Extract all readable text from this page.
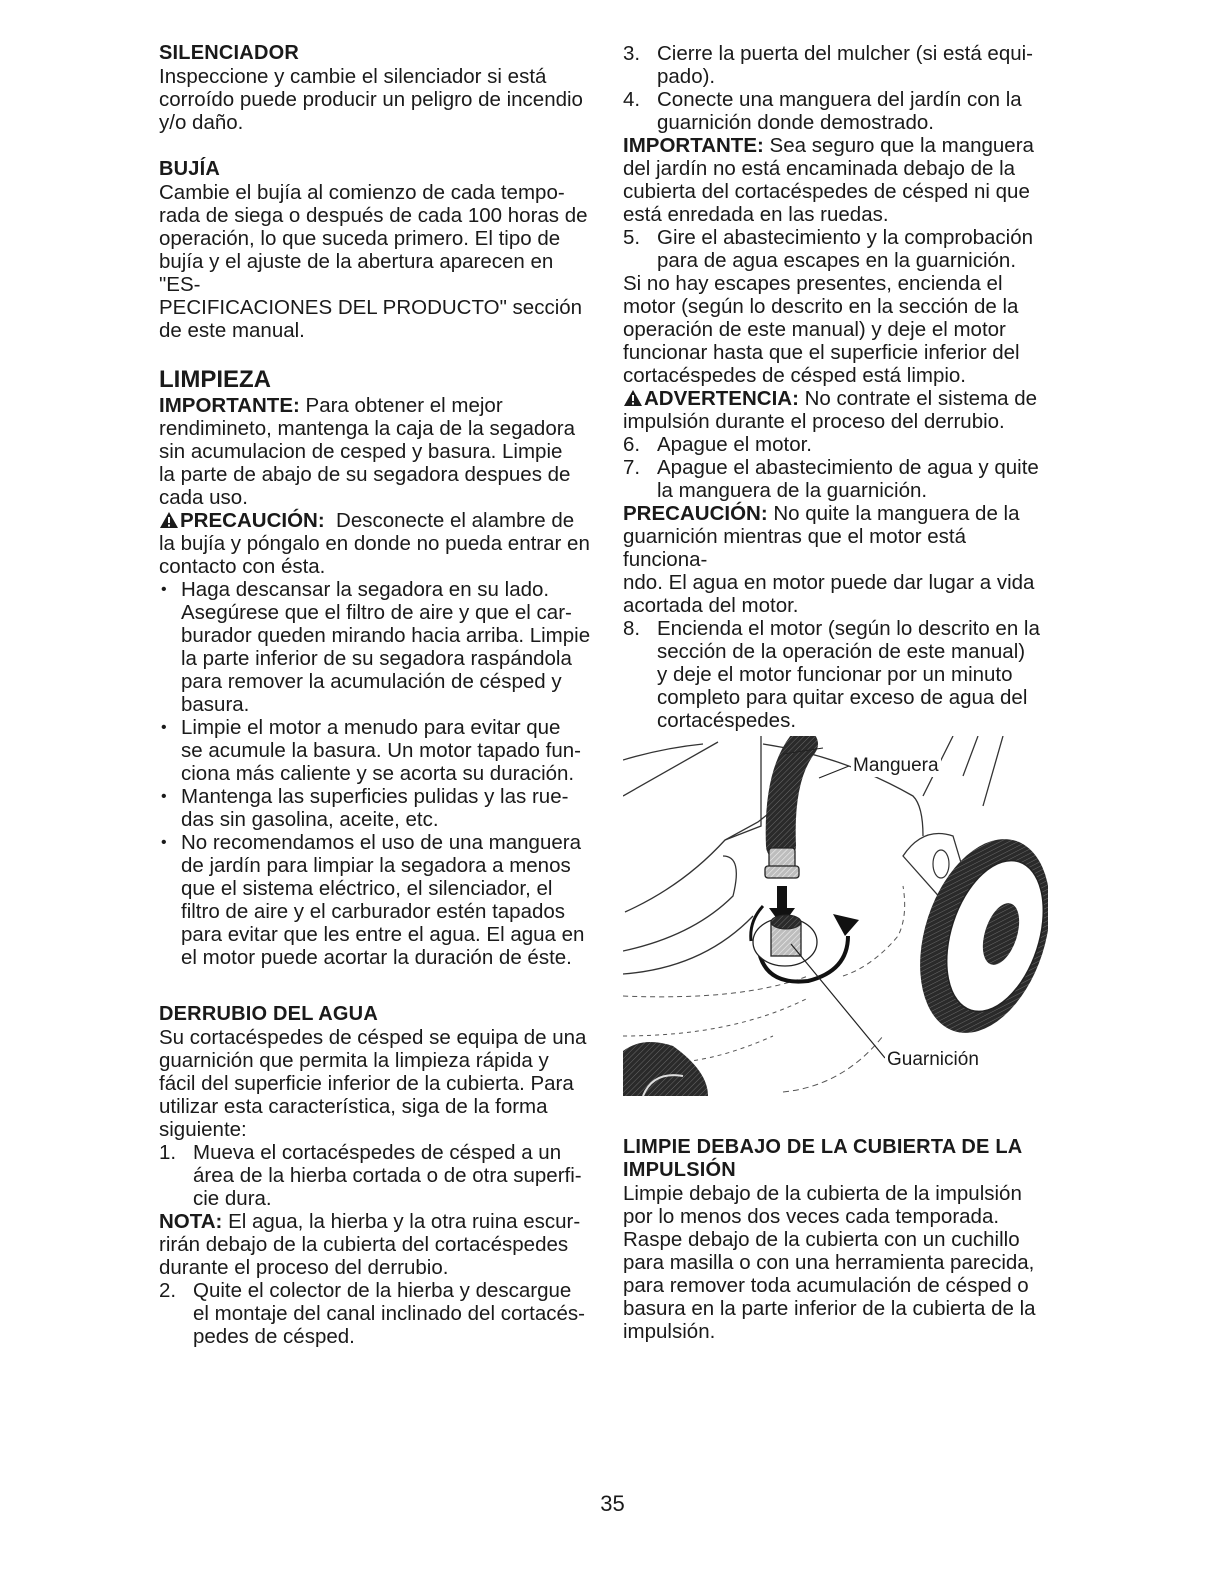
SILENCIADOR

Inspeccione y cambie el silenciador si está

corroído puede producir un peligro de incendio

y/o daño.

BUJÍA

Cambie el bujía al comienzo de cada tempo-

rada de siega o después de cada 100 horas de

operación, lo que suceda primero. El tipo de

bujía y el ajuste de la abertura aparecen en "ES-

PECIFICACIONES DEL PRODUCTO" sección

de este manual.

LIMPIEZA

IMPORTANTE: Para obtener el mejor

rendimineto, mantenga la caja de la segadora

sin acumulacion de cesped y basura. Limpie

la parte de abajo de su segadora despues de

cada uso.

PRECAUCIÓN:  Desconecte el alambre de

la bujía y póngalo en donde no pueda entrar en

contacto con ésta.

• Haga descansar la segadora en su lado.

Asegúrese que el filtro de aire y que el car-

burador queden mirando hacia arriba. Limpie

la parte inferior de su segadora raspándola

para remover la acumulación de césped y

basura.

• Limpie el motor a menudo para evitar que

se acumule la basura. Un motor tapado fun-

ciona más caliente y se acorta su duración.

• Mantenga las superficies pulidas y las rue-

das sin gasolina, aceite, etc.

• No recomendamos el uso de una manguera

de jardín para limpiar la segadora a menos

que el sistema eléctrico, el silenciador, el

filtro de aire y el carburador estén tapados

para evitar que les entre el agua. El agua en

el motor puede acortar la duración de éste.

DERRUBIO DEL AGUA

Su cortacéspedes de césped se equipa de una

guarnición que permita la limpieza rápida y

fácil del superficie inferior de la cubierta. Para

utilizar esta característica, siga de la forma

siguiente:

1. Mueva el cortacéspedes de césped a un

área de la hierba cortada o de otra superfi-

cie dura.

NOTA: El agua, la hierba y la otra ruina escur-

rirán debajo de la cubierta del cortacéspedes

durante el proceso del derrubio.

2. Quite el colector de la hierba y descargue

el montaje del canal inclinado del cortacés-

pedes de césped.

3. Cierre la puerta del mulcher (si está equi-

pado).

4. Conecte una manguera del jardín con la

guarnición donde demostrado.

IMPORTANTE: Sea seguro que la manguera

del jardín no está encaminada debajo de la

cubierta del cortacéspedes de césped ni que

está enredada en las ruedas.

5. Gire el abastecimiento y la comprobación

para de agua escapes en la guarnición.

Si no hay escapes presentes, encienda el

motor (según lo descrito en la sección de la

operación de este manual) y deje el motor

funcionar hasta que el superficie inferior del

cortacéspedes de césped está limpio.

ADVERTENCIA: No contrate el sistema de

impulsión durante el proceso del derrubio.

6. Apague el motor.

7. Apague el abastecimiento de agua y quite

la manguera de la guarnición.

PRECAUCIÓN: No quite la manguera de la

guarnición mientras que el motor está funciona-

ndo. El agua en motor puede dar lugar a vida

acortada del motor.

8. Encienda el motor (según lo descrito en la

sección de la operación de este manual)

y deje el motor funcionar por un minuto

completo para quitar exceso de agua del

cortacéspedes.

Manguera
Guarnición
LIMPIE DEBAJO DE LA CUBIERTA DE LA
IMPULSIÓN

Limpie debajo de la cubierta de la impulsión

por lo menos dos veces cada temporada.

Raspe debajo de la cubierta con un cuchillo

para masilla o con una herramienta parecida,

para remover toda acumulación de césped o

basura en la parte inferior de la cubierta de la

impulsión.

35
